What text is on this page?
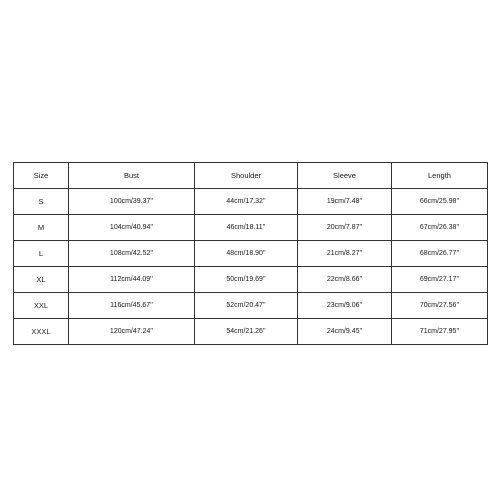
Size	Bust	Shoulder	Sleeve	Length
S	100cm/39.37''	44cm/17.32''	19cm/7.48''	66cm/25.98''
M	104cm/40.94''	46cm/18.11''	20cm/7.87''	67cm/26.38''
L	108cm/42.52''	48cm/18.90''	21cm/8.27''	68cm/26.77''
XL	112cm/44.09''	50cm/19.69''	22cm/8.66''	69cm/27.17''
XXL	116cm/45.67''	52cm/20.47''	23cm/9.06''	70cm/27.56''
XXXL	120cm/47.24''	54cm/21.26''	24cm/9.45''	71cm/27.95''
